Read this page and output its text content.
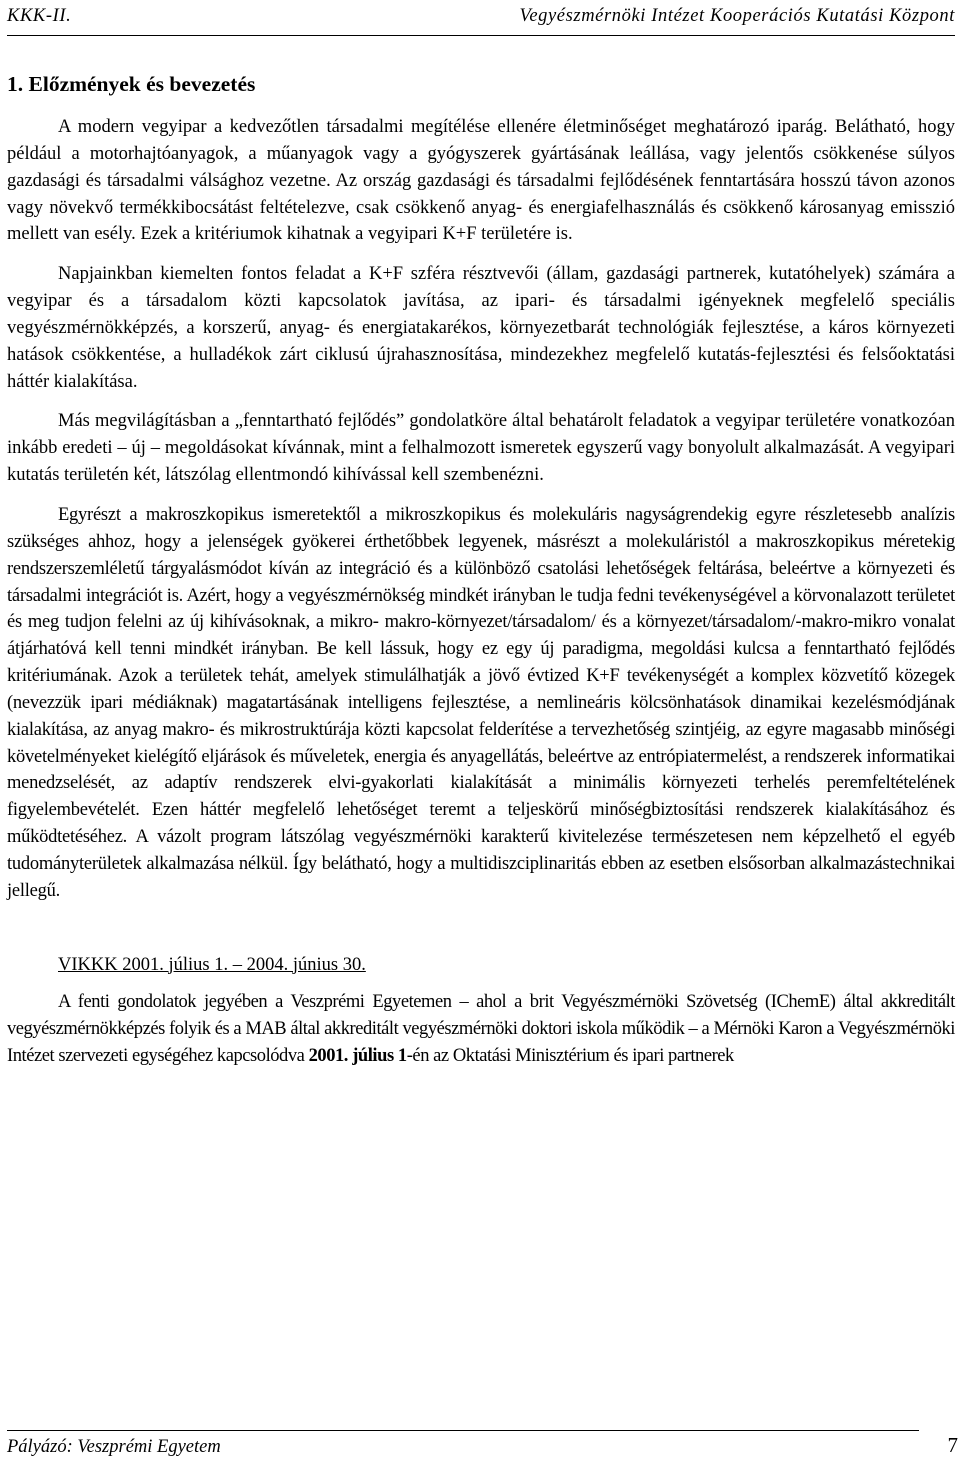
KKK-II.	Vegyészmérnöki Intézet Kooperációs Kutatási Központ
1. Előzmények és bevezetés

A modern vegyipar a kedvezőtlen társadalmi megítélése ellenére életminőséget meghatározó iparág. Belátható, hogy például a motorhajtóanyagok, a műanyagok vagy a gyógyszerek gyártásának leállása, vagy jelentős csökkenése súlyos gazdasági és társadalmi válsághoz vezetne. Az ország gazdasági és társadalmi fejlődésének fenntartására hosszú távon azonos vagy növekvő termékkibocsátást feltételezve, csak csökkenő anyag- és energiafelhasználás és csökkenő károsanyag emisszió mellett van esély. Ezek a kritériumok kihatnak a vegyipari K+F területére is.

Napjainkban kiemelten fontos feladat a K+F szféra résztvevői (állam, gazdasági partnerek, kutatóhelyek) számára a vegyipar és a társadalom közti kapcsolatok javítása, az ipari- és társadalmi igényeknek megfelelő speciális vegyészmérnökképzés, a korszerű, anyag- és energiatakarékos, környezetbarát technológiák fejlesztése, a káros környezeti hatások csökkentése, a hulladékok zárt ciklusú újrahasznosítása, mindezekhez megfelelő kutatás-fejlesztési és felsőoktatási háttér kialakítása.

Más megvilágításban a „fenntartható fejlődés” gondolatköre által behatárolt feladatok a vegyipar területére vonatkozóan inkább eredeti – új – megoldásokat kívánnak, mint a felhalmozott ismeretek egyszerű vagy bonyolult alkalmazását. A vegyipari kutatás területén két, látszólag ellentmondó kihívással kell szembenézni.

Egyrészt a makroszkopikus ismeretektől a mikroszkopikus és molekuláris nagyságrendekig egyre részletesebb analízis szükséges ahhoz, hogy a jelenségek gyökerei érthetőbbek legyenek, másrészt a molekuláristól a makroszkopikus méretekig rendszerszemléletű tárgyalásmódot kíván az integráció és a különböző csatolási lehetőségek feltárása, beleértve a környezeti és társadalmi integrációt is. Azért, hogy a vegyészmérnökség mindkét irányban le tudja fedni tevékenységével a körvonalazott területet és meg tudjon felelni az új kihívásoknak, a mikro- makro-környezet/társadalom/ és a környezet/társadalom/-makro-mikro vonalat átjárhatóvá kell tenni mindkét irányban. Be kell lássuk, hogy ez egy új paradigma, megoldási kulcsa a fenntartható fejlődés kritériumának. Azok a területek tehát, amelyek stimulálhatják a jövő évtized K+F tevékenységét a komplex közvetítő közegek (nevezzük ipari médiáknak) magatartásának intelligens fejlesztése, a nemlineáris kölcsönhatások dinamikai kezelésmódjának kialakítása, az anyag makro- és mikrostruktúrája közti kapcsolat felderítése a tervezhetőség szintjéig, az egyre magasabb minőségi követelményeket kielégítő eljárások és műveletek, energia és anyagellátás, beleértve az entrópiatermelést, a rendszerek informatikai menedzselését, az adaptív rendszerek elvi-gyakorlati kialakítását a minimális környezeti terhelés peremfeltételének figyelembevételét. Ezen háttér megfelelő lehetőséget teremt a teljeskörű minőségbiztosítási rendszerek kialakításához és működtetéséhez. A vázolt program látszólag vegyészmérnöki karakterű kivitelezése természetesen nem képzelhető el egyéb tudományterületek alkalmazása nélkül. Így belátható, hogy a multidiszciplinaritás ebben az esetben elsősorban alkalmazástechnikai jellegű.

VIKKK 2001. július 1. – 2004. június 30.

A fenti gondolatok jegyében a Veszprémi Egyetemen – ahol a brit Vegyészmérnöki Szövetség (IChemE) által akkreditált vegyészmérnökképzés folyik és a MAB által akkreditált vegyészmérnöki doktori iskola működik – a Mérnöki Karon a Vegyészmérnöki Intézet szervezeti egységéhez kapcsolódva 2001. július 1-én az Oktatási Minisztérium és ipari partnerek

Pályázó: Veszprémi Egyetem	7
